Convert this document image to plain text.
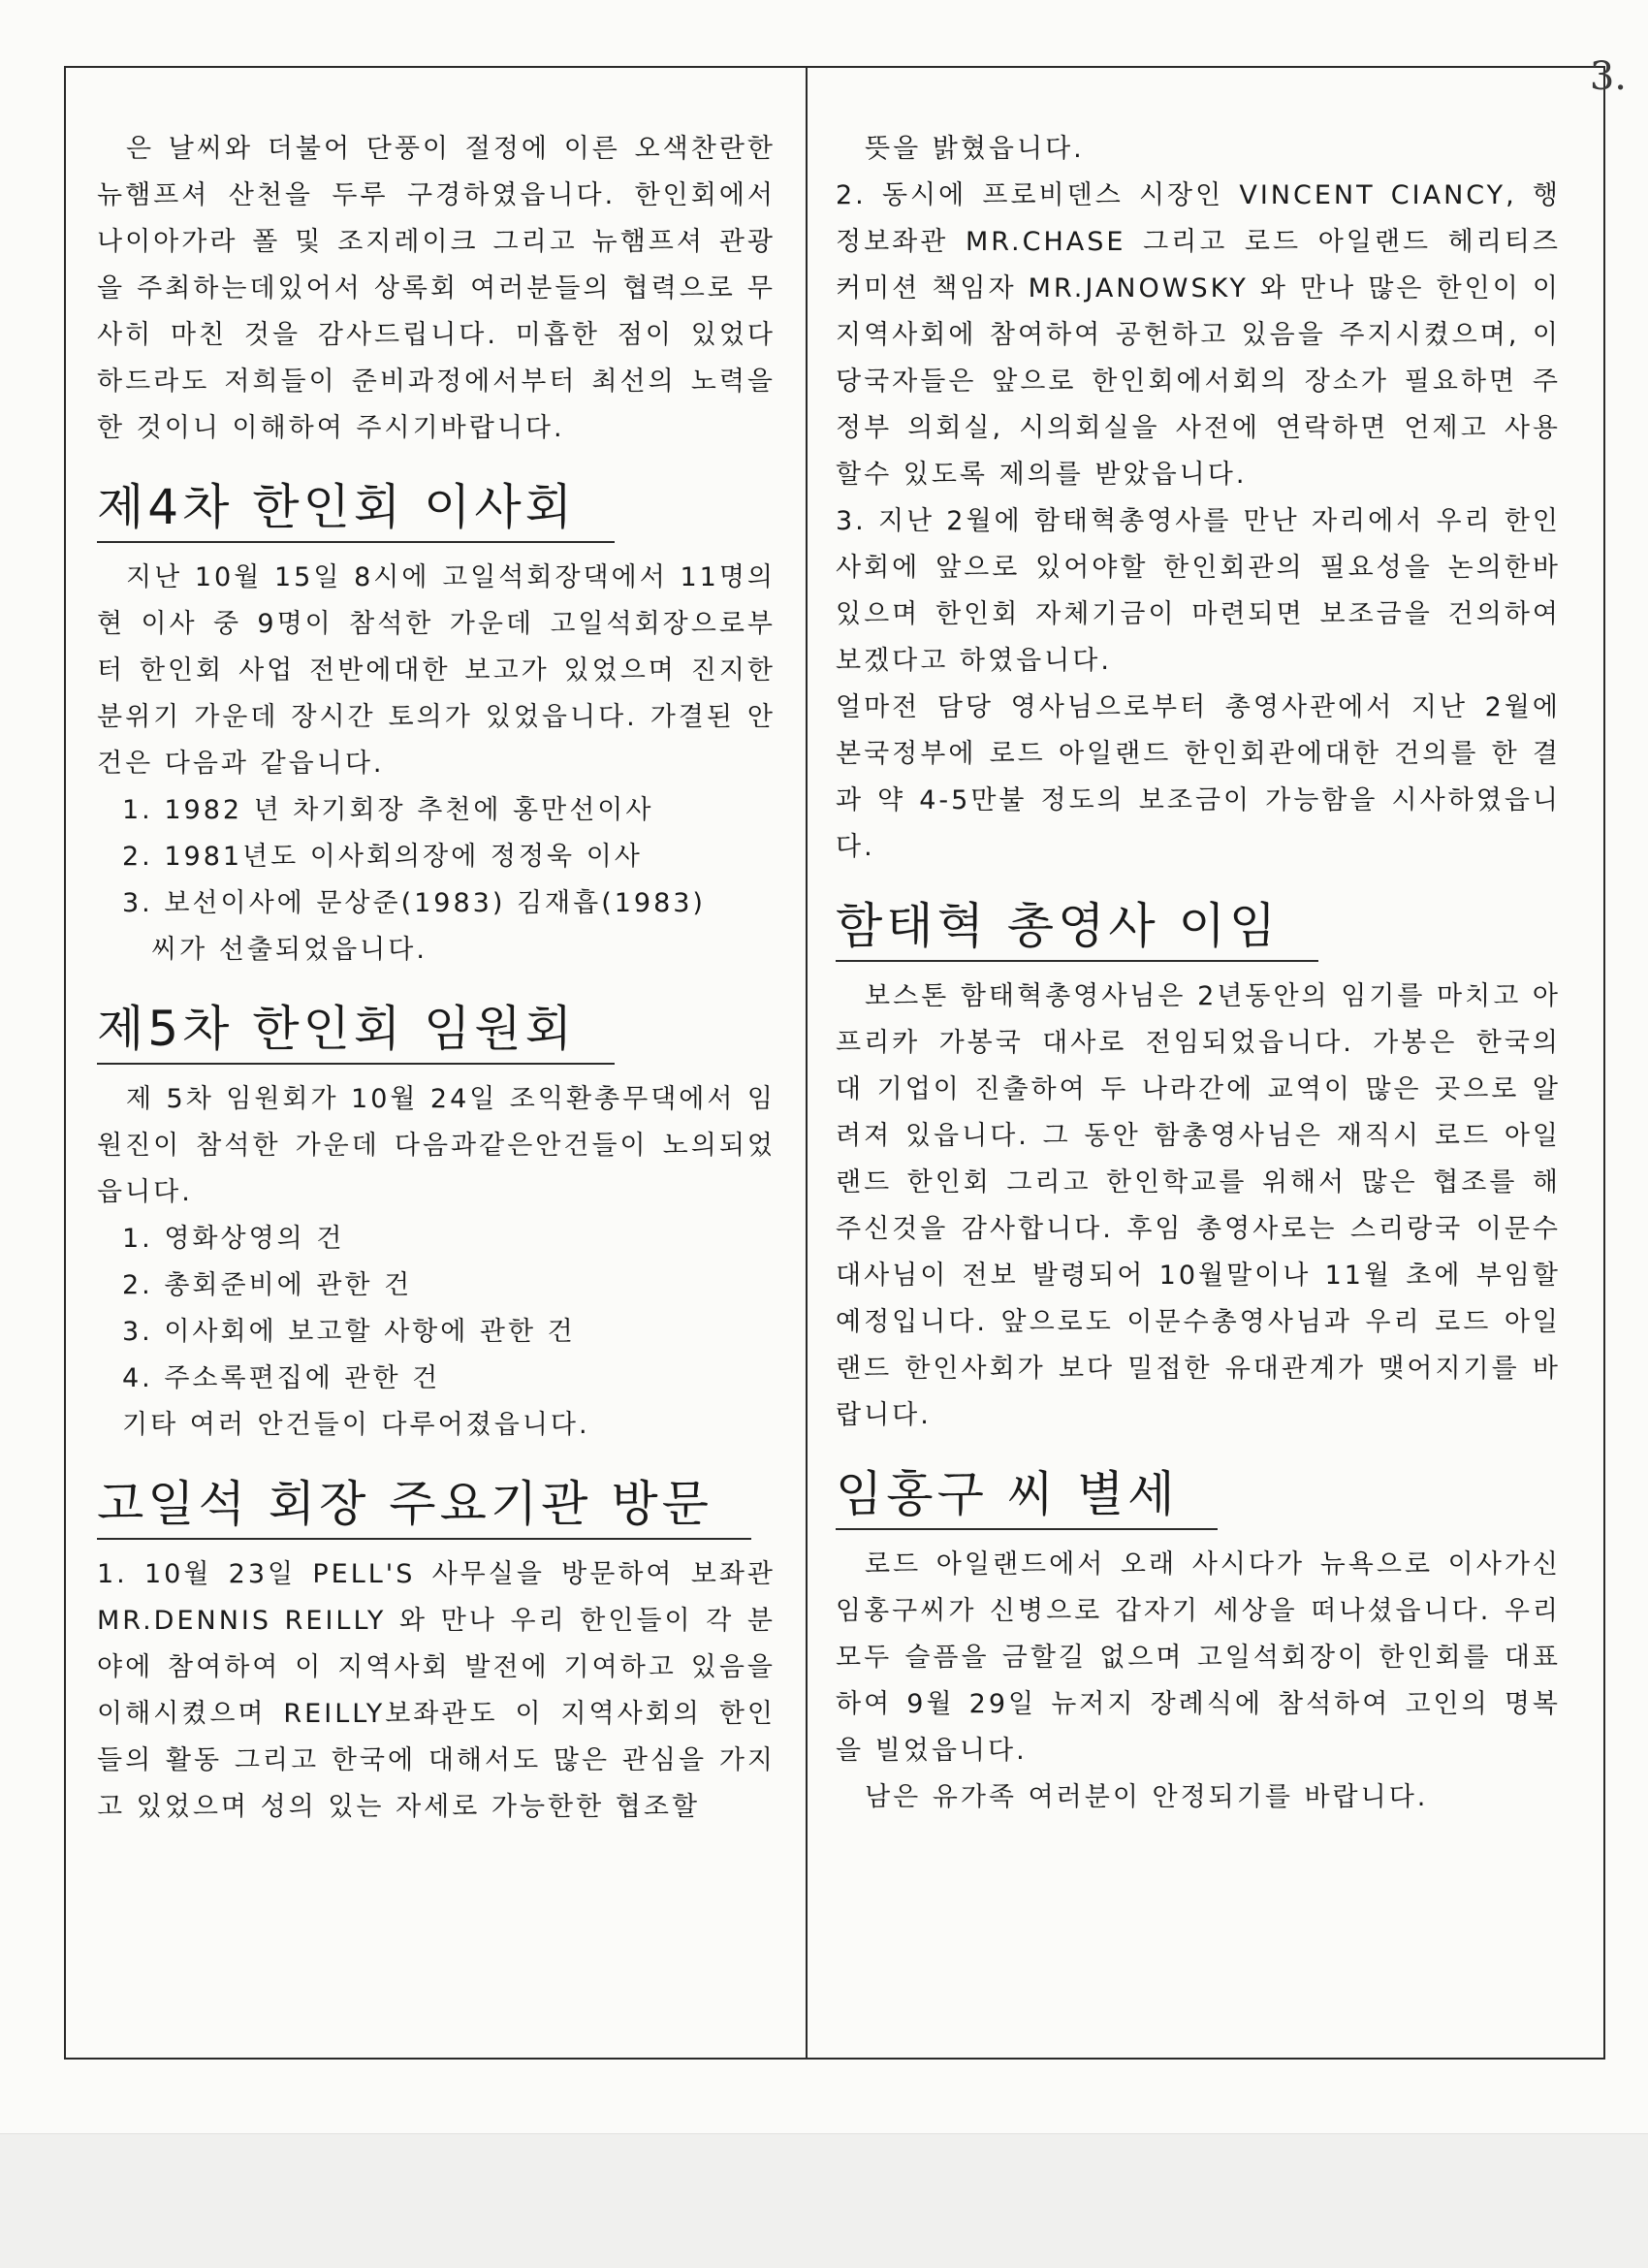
3.

은 날씨와 더불어 단풍이 절정에 이른 오색찬란한 뉴햄프셔 산천을 두루 구경하였읍니다. 한인회에서 나이아가라 폴 및 조지레이크 그리고 뉴햄프셔 관광을 주최하는데있어서 상록회 여러분들의 협력으로 무사히 마친 것을 감사드립니다. 미흡한 점이 있었다 하드라도 저희들이 준비과정에서부터 최선의 노력을 한 것이니 이해하여 주시기바랍니다.

제4차 한인회 이사회

지난 10월 15일 8시에 고일석회장댁에서 11명의 현 이사 중 9명이 참석한 가운데 고일석회장으로부터 한인회 사업 전반에대한 보고가 있었으며 진지한 분위기 가운데 장시간 토의가 있었읍니다. 가결된 안건은 다음과 같읍니다.

1. 1982 년 차기회장 추천에 홍만선이사
2. 1981년도 이사회의장에 정정욱 이사
3. 보선이사에 문상준(1983) 김재흡(1983)
씨가 선출되었읍니다.
제5차 한인회 임원회

제 5차 임원회가 10월 24일 조익환총무댁에서 임원진이 참석한 가운데 다음과같은안건들이 노의되었읍니다.

1. 영화상영의 건
2. 총회준비에 관한 건
3. 이사회에 보고할 사항에 관한 건
4. 주소록편집에 관한 건
기타 여러 안건들이 다루어졌읍니다.
고일석 회장 주요기관 방문

1. 10월 23일 PELL'S 사무실을 방문하여 보좌관 MR.DENNIS REILLY 와 만나 우리 한인들이 각 분야에 참여하여 이 지역사회 발전에 기여하고 있음을 이해시켰으며 REILLY보좌관도 이 지역사회의 한인들의 활동 그리고 한국에 대해서도 많은 관심을 가지고 있었으며 성의 있는 자세로 가능한한 협조할

뜻을 밝혔읍니다.

2. 동시에 프로비덴스 시장인 VINCENT CIANCY, 행정보좌관 MR.CHASE 그리고 로드 아일랜드 헤리티즈 커미션 책임자 MR.JANOWSKY 와 만나 많은 한인이 이 지역사회에 참여하여 공헌하고 있음을 주지시켰으며, 이 당국자들은 앞으로 한인회에서회의 장소가 필요하면 주정부 의회실, 시의회실을 사전에 연락하면 언제고 사용할수 있도록 제의를 받았읍니다.

3. 지난 2월에 함태혁총영사를 만난 자리에서 우리 한인사회에 앞으로 있어야할 한인회관의 필요성을 논의한바 있으며 한인회 자체기금이 마련되면 보조금을 건의하여 보겠다고 하였읍니다.

얼마전 담당 영사님으로부터 총영사관에서 지난 2월에 본국정부에 로드 아일랜드 한인회관에대한 건의를 한 결과 약 4-5만불 정도의 보조금이 가능함을 시사하였읍니다.

함태혁 총영사 이임

보스톤 함태혁총영사님은 2년동안의 임기를 마치고 아프리카 가봉국 대사로 전임되었읍니다. 가봉은 한국의 대 기업이 진출하여 두 나라간에 교역이 많은 곳으로 알려져 있읍니다. 그 동안 함총영사님은 재직시 로드 아일랜드 한인회 그리고 한인학교를 위해서 많은 협조를 해 주신것을 감사합니다. 후임 총영사로는 스리랑국 이문수대사님이 전보 발령되어 10월말이나 11월 초에 부임할 예정입니다. 앞으로도 이문수총영사님과 우리 로드 아일랜드 한인사회가 보다 밀접한 유대관계가 맺어지기를 바랍니다.

임홍구 씨 별세

로드 아일랜드에서 오래 사시다가 뉴욕으로 이사가신 임홍구씨가 신병으로 갑자기 세상을 떠나셨읍니다. 우리 모두 슬픔을 금할길 없으며 고일석회장이 한인회를 대표하여 9월 29일 뉴저지 장례식에 참석하여 고인의 명복을 빌었읍니다.

남은 유가족 여러분이 안정되기를 바랍니다.
